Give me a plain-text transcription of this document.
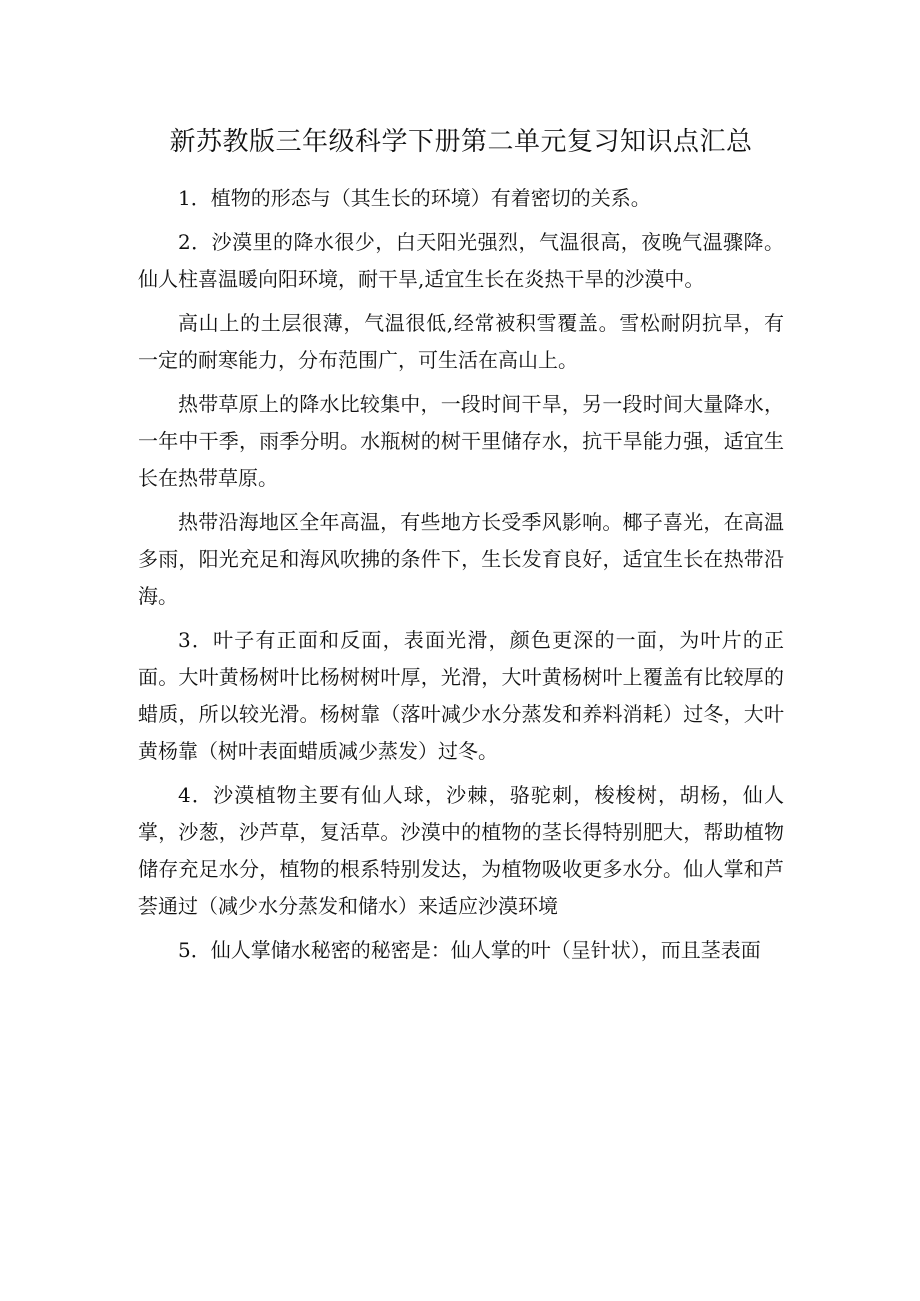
新苏教版三年级科学下册第二单元复习知识点汇总

1．植物的形态与（其生长的环境）有着密切的关系。

2．沙漠里的降水很少，白天阳光强烈，气温很高，夜晚气温骤降。仙人柱喜温暖向阳环境，耐干旱,适宜生长在炎热干旱的沙漠中。

高山上的土层很薄，气温很低,经常被积雪覆盖。雪松耐阴抗旱，有一定的耐寒能力，分布范围广，可生活在高山上。

热带草原上的降水比较集中，一段时间干旱，另一段时间大量降水，一年中干季，雨季分明。水瓶树的树干里储存水，抗干旱能力强，适宜生长在热带草原。

热带沿海地区全年高温，有些地方长受季风影响。椰子喜光，在高温多雨，阳光充足和海风吹拂的条件下，生长发育良好，适宜生长在热带沿海。

3．叶子有正面和反面，表面光滑，颜色更深的一面，为叶片的正面。大叶黄杨树叶比杨树树叶厚，光滑，大叶黄杨树叶上覆盖有比较厚的蜡质，所以较光滑。杨树靠（落叶减少水分蒸发和养料消耗）过冬，大叶黄杨靠（树叶表面蜡质减少蒸发）过冬。

4．沙漠植物主要有仙人球，沙棘，骆驼刺，梭梭树，胡杨，仙人掌，沙葱，沙芦草，复活草。沙漠中的植物的茎长得特别肥大，帮助植物储存充足水分，植物的根系特别发达，为植物吸收更多水分。仙人掌和芦荟通过（减少水分蒸发和储水）来适应沙漠环境

5．仙人掌储水秘密的秘密是：仙人掌的叶（呈针状），而且茎表面
